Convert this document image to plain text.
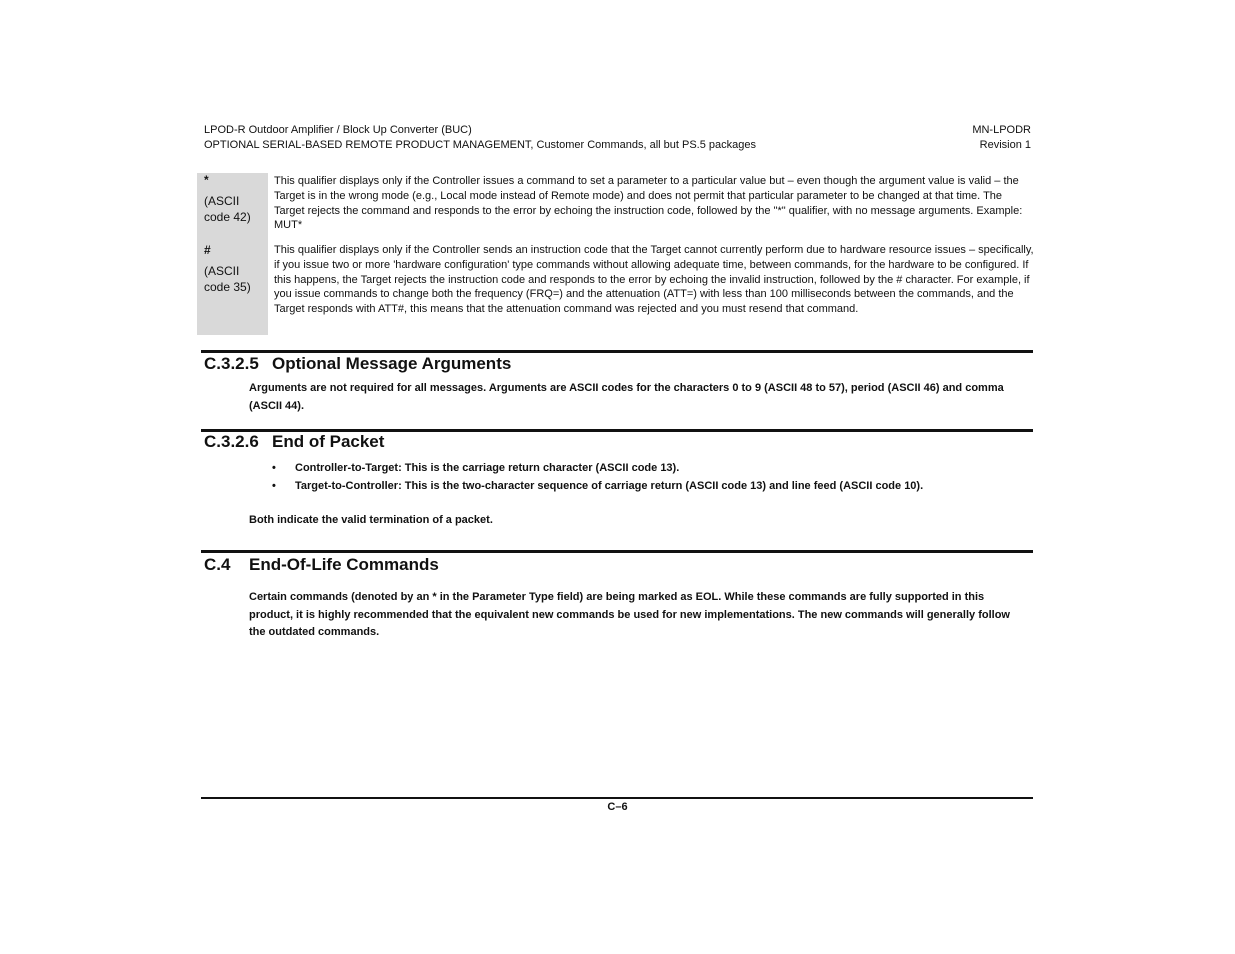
LPOD-R Outdoor Amplifier / Block Up Converter (BUC)
OPTIONAL SERIAL-BASED REMOTE PRODUCT MANAGEMENT, Customer Commands, all but PS.5 packages
MN-LPODR
Revision 1
*
(ASCII
code 42)
This qualifier displays only if the Controller issues a command to set a parameter to a particular value but – even though the argument value is valid – the Target is in the wrong mode (e.g., Local mode instead of Remote mode) and does not permit that particular parameter to be changed at that time. The Target rejects the command and responds to the error by echoing the instruction code, followed by the "*" qualifier, with no message arguments. Example: MUT*
#
(ASCII
code 35)
This qualifier displays only if the Controller sends an instruction code that the Target cannot currently perform due to hardware resource issues – specifically, if you issue two or more 'hardware configuration' type commands without allowing adequate time, between commands, for the hardware to be configured. If this happens, the Target rejects the instruction code and responds to the error by echoing the invalid instruction, followed by the # character. For example, if you issue commands to change both the frequency (FRQ=) and the attenuation (ATT=) with less than 100 milliseconds between the commands, and the Target responds with ATT#, this means that the attenuation command was rejected and you must resend that command.
C.3.2.5 Optional Message Arguments
Arguments are not required for all messages. Arguments are ASCII codes for the characters 0 to 9 (ASCII 48 to 57), period (ASCII 46) and comma (ASCII 44).
C.3.2.6 End of Packet
• Controller-to-Target: This is the carriage return character (ASCII code 13).
• Target-to-Controller: This is the two-character sequence of carriage return (ASCII code 13) and line feed (ASCII code 10).
Both indicate the valid termination of a packet.
C.4 End-Of-Life Commands
Certain commands (denoted by an * in the Parameter Type field) are being marked as EOL. While these commands are fully supported in this product, it is highly recommended that the equivalent new commands be used for new implementations. The new commands will generally follow the outdated commands.
C–6
